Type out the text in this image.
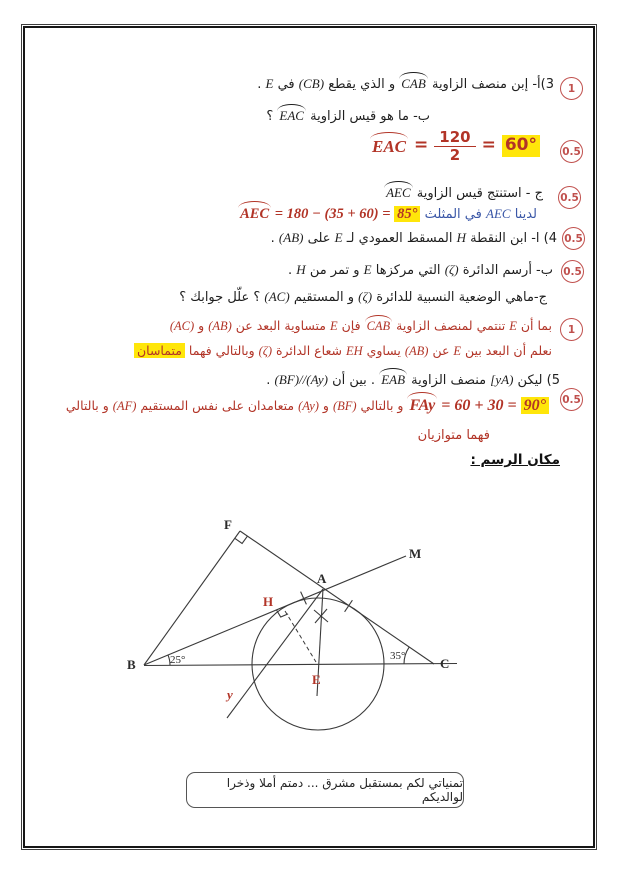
3)أ- إبن منصف الزاوية CAB و الذي يقطع (CB) في E .
ب- ما هو قيس الزاوية EAC ؟
EAC = $\frac{120}{2} = 60^\circ$
ج - استنتج قيس الزاوية AEC
لدينا AEC في المثلث AEC = 180 − (35 + 60) = 85°
4) ا- ابن النقطة H المسقط العمودي لـ E على (AB) .
ب- أرسم الدائرة (ζ) التي مركزها E و تمر من H .
ج-ماهي الوضعية النسبية للدائرة (ζ) و المستقيم (AC) ؟ علّل جوابك ؟
بما أن E تنتمي لمنصف الزاوية CAB فإن E متساوية البعد عن (AB) و (AC)
نعلم أن البعد بين E عن (AB) يساوي EH شعاع الدائرة (ζ) وبالتالي فهما متماسان
5) ليكن [yA) منصف الزاوية EAB . بين أن (BF)//(Ay) .
FAy = 60 + 30 = 90° و بالتالي (BF) و (Ay) متعامدان على نفس المستقيم (AF) و بالتالي
فهما متوازيان
مكان الرسم :
1
0.5
0.5
0.5
0.5
1
0.5
F
M
A
B	C
H
E
y
25°	35°
تمنياتي لكم بمستقبل مشرق ... دمتم أملا وذخرا لوالديكم
